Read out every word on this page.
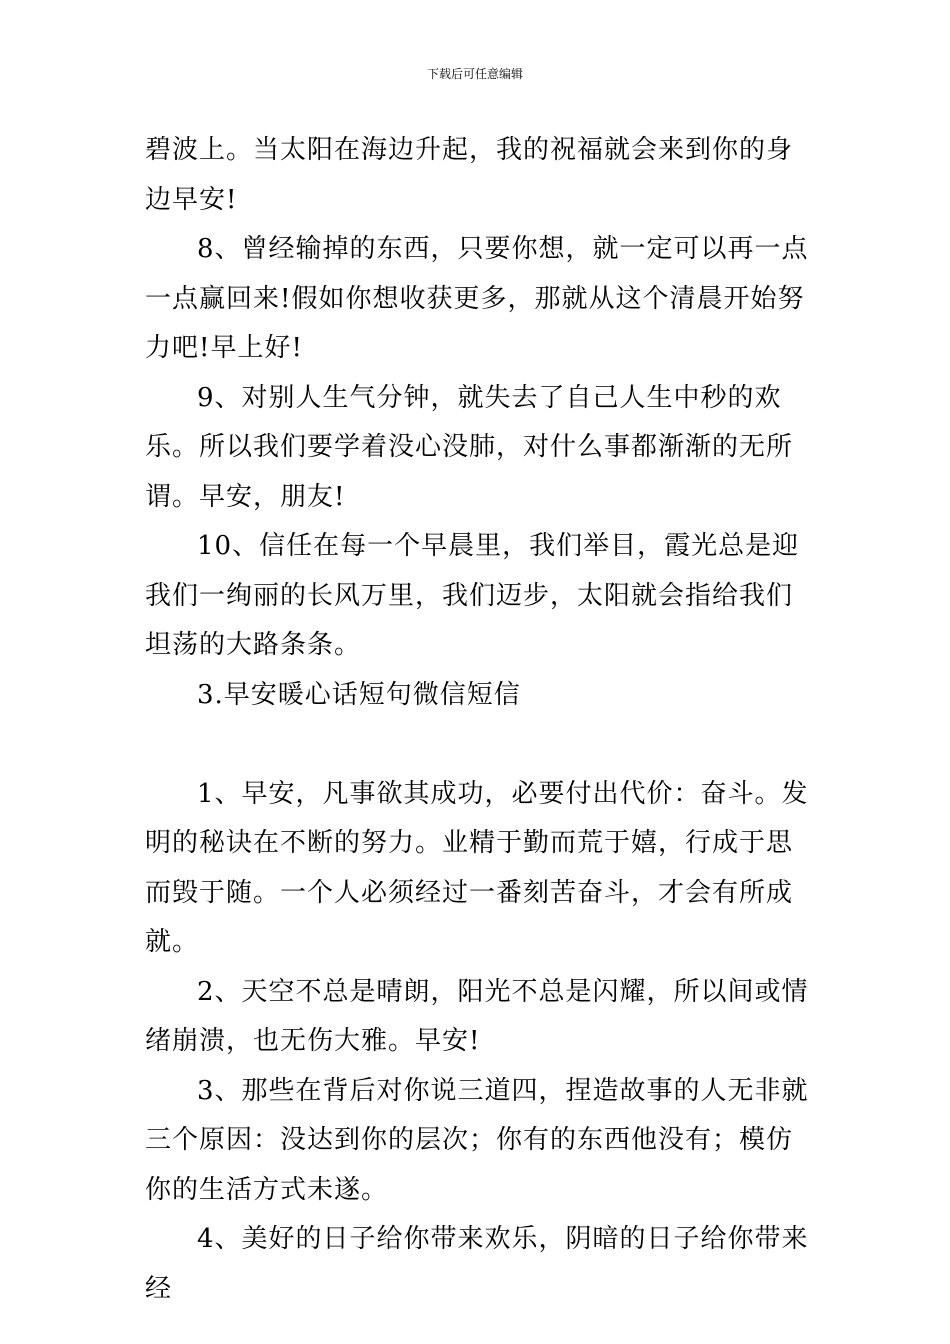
下载后可任意编辑

碧波上。当太阳在海边升起，我的祝福就会来到你的身边早安!

8、曾经输掉的东西，只要你想，就一定可以再一点一点赢回来!假如你想收获更多，那就从这个清晨开始努力吧!早上好!

9、对别人生气分钟，就失去了自己人生中秒的欢乐。所以我们要学着没心没肺，对什么事都渐渐的无所谓。早安，朋友!

10、信任在每一个早晨里，我们举目，霞光总是迎我们一绚丽的长风万里，我们迈步，太阳就会指给我们坦荡的大路条条。

3.早安暖心话短句微信短信

1、早安，凡事欲其成功，必要付出代价：奋斗。发明的秘诀在不断的努力。业精于勤而荒于嬉，行成于思而毁于随。一个人必须经过一番刻苦奋斗，才会有所成就。

2、天空不总是晴朗，阳光不总是闪耀，所以间或情绪崩溃，也无伤大雅。早安!

3、那些在背后对你说三道四，捏造故事的人无非就三个原因：没达到你的层次；你有的东西他没有；模仿你的生活方式未遂。

4、美好的日子给你带来欢乐，阴暗的日子给你带来经
